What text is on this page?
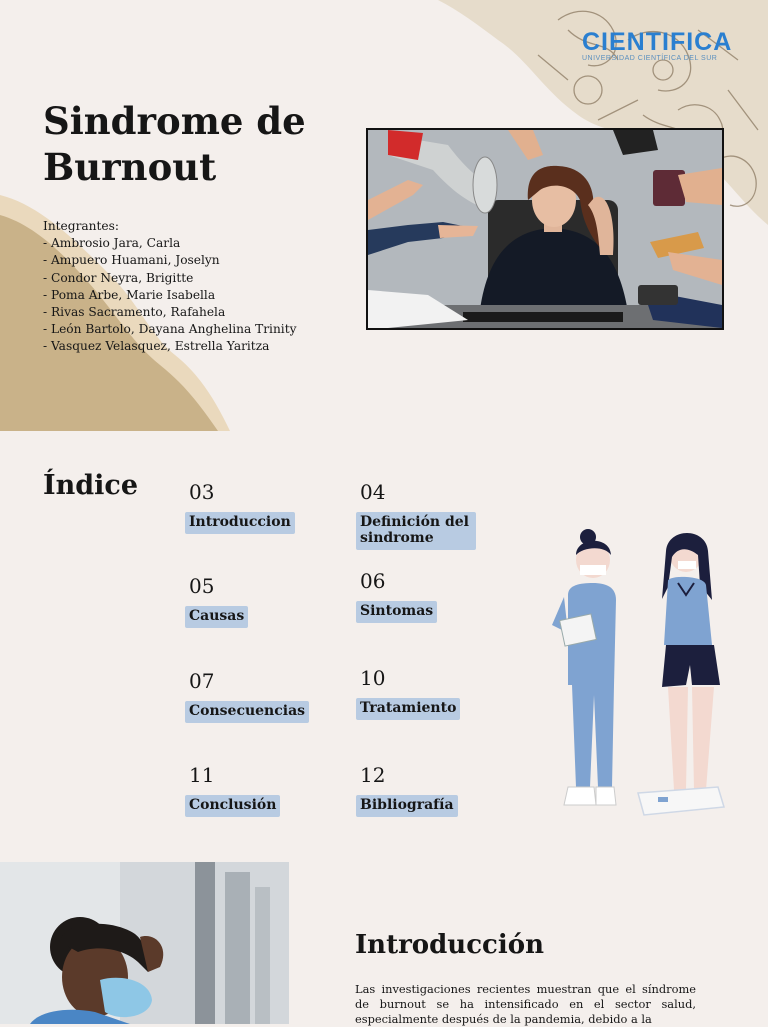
CIENTIFICA
UNIVERSIDAD CIENTÍFICA DEL SUR
Sindrome de Burnout
Integrantes:
- Ambrosio Jara, Carla
- Ampuero Huamani, Joselyn
- Condor Neyra, Brigitte
- Poma Arbe, Marie Isabella
- Rivas Sacramento, Rafahela
- León Bartolo, Dayana Anghelina Trinity
- Vasquez Velasquez, Estrella Yaritza
Índice	03
Introduccion
04
Definición del sindrome
05
Causas
06
Sintomas
07
Consecuencias
10
Tratamiento
11
Conclusión
12
Bibliografía
Introducción
Las investigaciones recientes muestran que el síndrome de burnout se ha intensificado en el sector salud, especialmente después de la pandemia, debido a la
